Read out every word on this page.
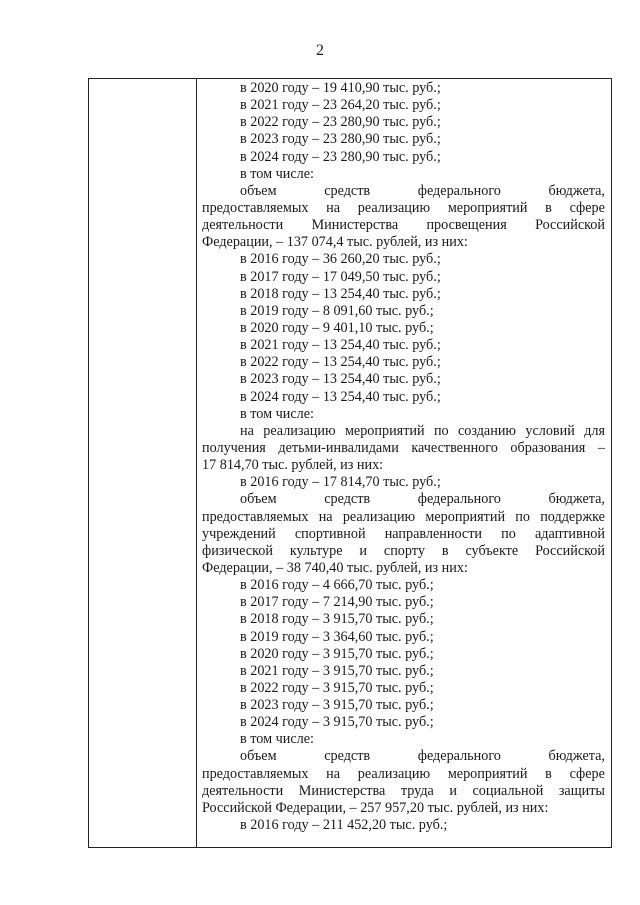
2
в 2020 году – 19 410,90 тыс. руб.;
в 2021 году – 23 264,20 тыс. руб.;
в 2022 году – 23 280,90 тыс. руб.;
в 2023 году – 23 280,90 тыс. руб.;
в 2024 году – 23 280,90 тыс. руб.;
в том числе:
объем	средств	федерального	бюджета,
предоставляемых на реализацию мероприятий в сфере
деятельности Министерства просвещения Российской
Федерации, – 137 074,4 тыс. рублей, из них:
в 2016 году – 36 260,20 тыс. руб.;
в 2017 году – 17 049,50 тыс. руб.;
в 2018 году – 13 254,40 тыс. руб.;
в 2019 году – 8 091,60 тыс. руб.;
в 2020 году – 9 401,10 тыс. руб.;
в 2021 году – 13 254,40 тыс. руб.;
в 2022 году – 13 254,40 тыс. руб.;
в 2023 году – 13 254,40 тыс. руб.;
в 2024 году – 13 254,40 тыс. руб.;
в том числе:
на реализацию мероприятий по созданию условий для
получения детьми-инвалидами качественного образования –
17 814,70 тыс. рублей, из них:
в 2016 году – 17 814,70 тыс. руб.;
объем	средств	федерального	бюджета,
предоставляемых на реализацию мероприятий по поддержке
учреждений спортивной направленности по адаптивной
физической культуре и спорту в субъекте Российской
Федерации, – 38 740,40 тыс. рублей, из них:
в 2016 году – 4 666,70 тыс. руб.;
в 2017 году – 7 214,90 тыс. руб.;
в 2018 году – 3 915,70 тыс. руб.;
в 2019 году – 3 364,60 тыс. руб.;
в 2020 году – 3 915,70 тыс. руб.;
в 2021 году – 3 915,70 тыс. руб.;
в 2022 году – 3 915,70 тыс. руб.;
в 2023 году – 3 915,70 тыс. руб.;
в 2024 году – 3 915,70 тыс. руб.;
в том числе:
объем	средств	федерального	бюджета,
предоставляемых на реализацию мероприятий в сфере
деятельности Министерства труда и социальной защиты
Российской Федерации, – 257 957,20 тыс. рублей, из них:
в 2016 году – 211 452,20 тыс. руб.;
